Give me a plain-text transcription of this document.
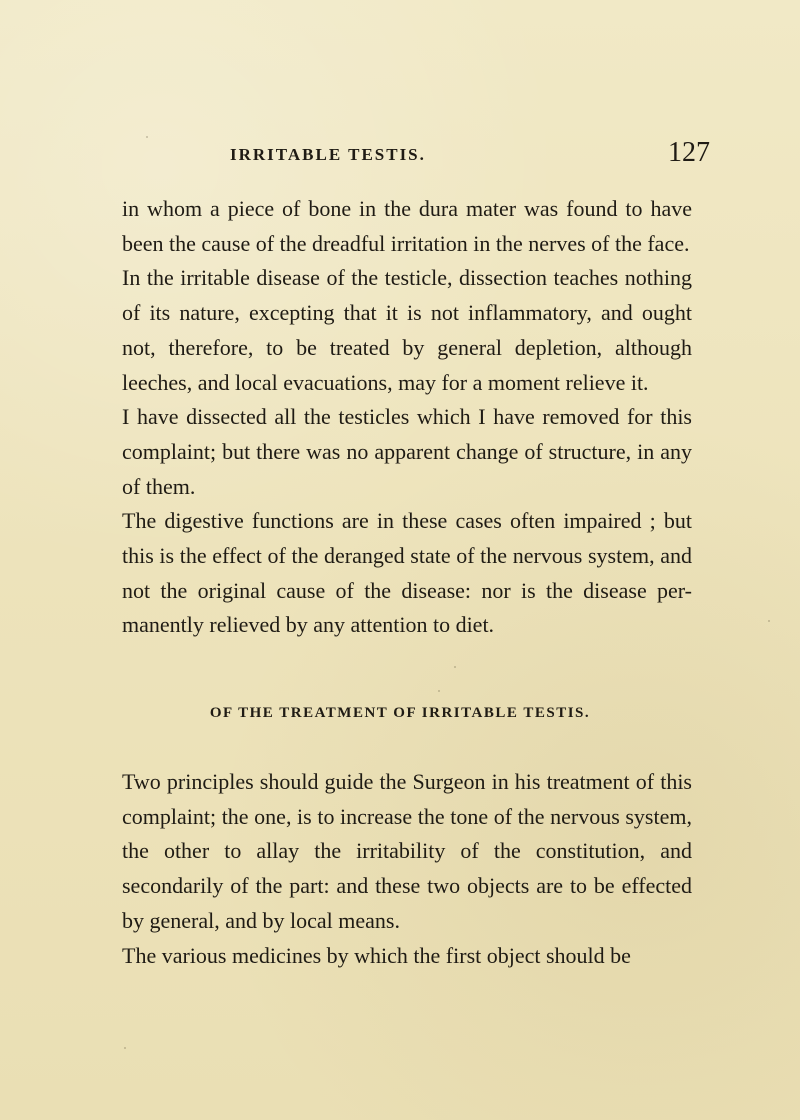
IRRITABLE TESTIS.	127

in whom a piece of bone in the dura mater was found to have been the cause of the dreadful irritation in the nerves of the face.

In the irritable disease of the testicle, dissection teaches nothing of its nature, excepting that it is not inflammatory, and ought not, therefore, to be treated by general depletion, although leeches, and local evacuations, may for a moment relieve it.

I have dissected all the testicles which I have removed for this complaint; but there was no apparent change of structure, in any of them.

The digestive functions are in these cases often impaired ; but this is the effect of the deranged state of the nervous system, and not the original cause of the disease: nor is the disease per- manently relieved by any attention to diet.

OF THE TREATMENT OF IRRITABLE TESTIS.

Two principles should guide the Surgeon in his treatment of this complaint; the one, is to increase the tone of the nervous system, the other to allay the irritability of the constitution, and secondarily of the part: and these two objects are to be effected by general, and by local means.

The various medicines by which the first object should be
